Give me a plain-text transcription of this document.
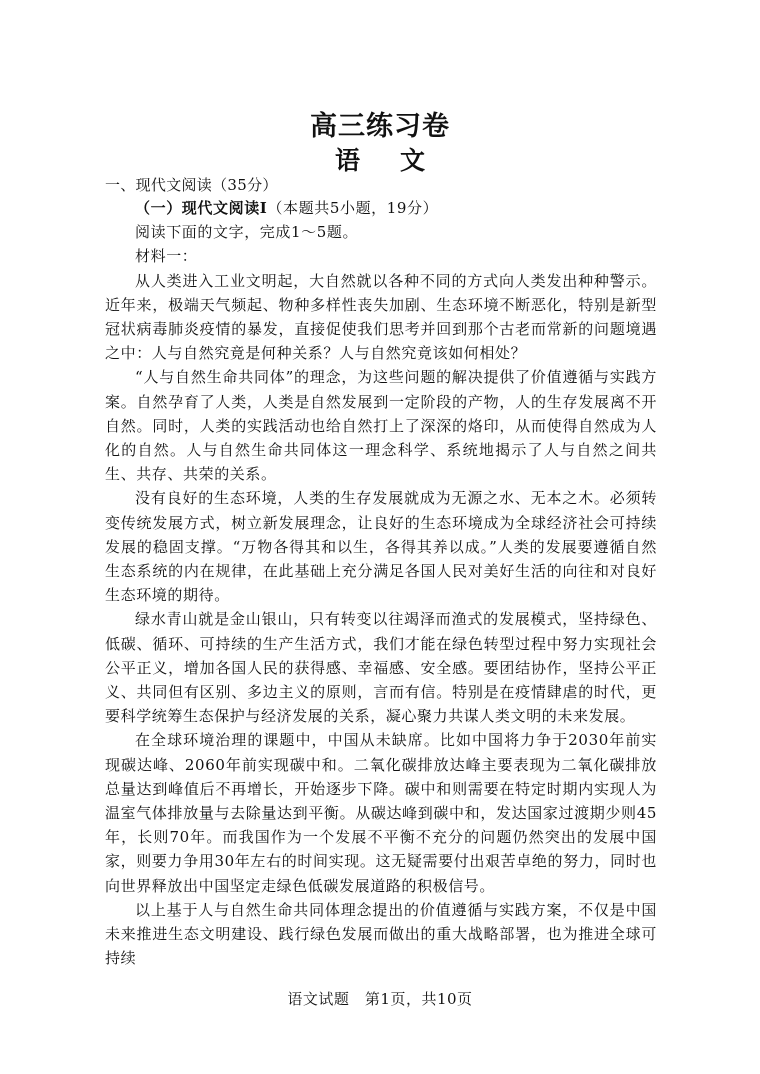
高三练习卷
语 文
一、现代文阅读（35分）

（一）现代文阅读Ⅰ（本题共5小题，19分）

阅读下面的文字，完成1～5题。

材料一：

从人类进入工业文明起，大自然就以各种不同的方式向人类发出种种警示。近年来，极端天气频起、物种多样性丧失加剧、生态环境不断恶化，特别是新型冠状病毒肺炎疫情的暴发，直接促使我们思考并回到那个古老而常新的问题境遇之中：人与自然究竟是何种关系？人与自然究竟该如何相处？

“人与自然生命共同体”的理念，为这些问题的解决提供了价值遵循与实践方案。自然孕育了人类，人类是自然发展到一定阶段的产物，人的生存发展离不开自然。同时，人类的实践活动也给自然打上了深深的烙印，从而使得自然成为人化的自然。人与自然生命共同体这一理念科学、系统地揭示了人与自然之间共生、共存、共荣的关系。

没有良好的生态环境，人类的生存发展就成为无源之水、无本之木。必须转变传统发展方式，树立新发展理念，让良好的生态环境成为全球经济社会可持续发展的稳固支撑。“万物各得其和以生，各得其养以成。”人类的发展要遵循自然生态系统的内在规律，在此基础上充分满足各国人民对美好生活的向往和对良好生态环境的期待。

绿水青山就是金山银山，只有转变以往竭泽而渔式的发展模式，坚持绿色、低碳、循环、可持续的生产生活方式，我们才能在绿色转型过程中努力实现社会公平正义，增加各国人民的获得感、幸福感、安全感。要团结协作，坚持公平正义、共同但有区别、多边主义的原则，言而有信。特别是在疫情肆虐的时代，更要科学统筹生态保护与经济发展的关系，凝心聚力共谋人类文明的未来发展。

在全球环境治理的课题中，中国从未缺席。比如中国将力争于2030年前实现碳达峰、2060年前实现碳中和。二氧化碳排放达峰主要表现为二氧化碳排放总量达到峰值后不再增长，开始逐步下降。碳中和则需要在特定时期内实现人为温室气体排放量与去除量达到平衡。从碳达峰到碳中和，发达国家过渡期少则45年，长则70年。而我国作为一个发展不平衡不充分的问题仍然突出的发展中国家，则要力争用30年左右的时间实现。这无疑需要付出艰苦卓绝的努力，同时也向世界释放出中国坚定走绿色低碳发展道路的积极信号。

以上基于人与自然生命共同体理念提出的价值遵循与实践方案，不仅是中国未来推进生态文明建设、践行绿色发展而做出的重大战略部署，也为推进全球可持续

语文试题　第1页，共10页
